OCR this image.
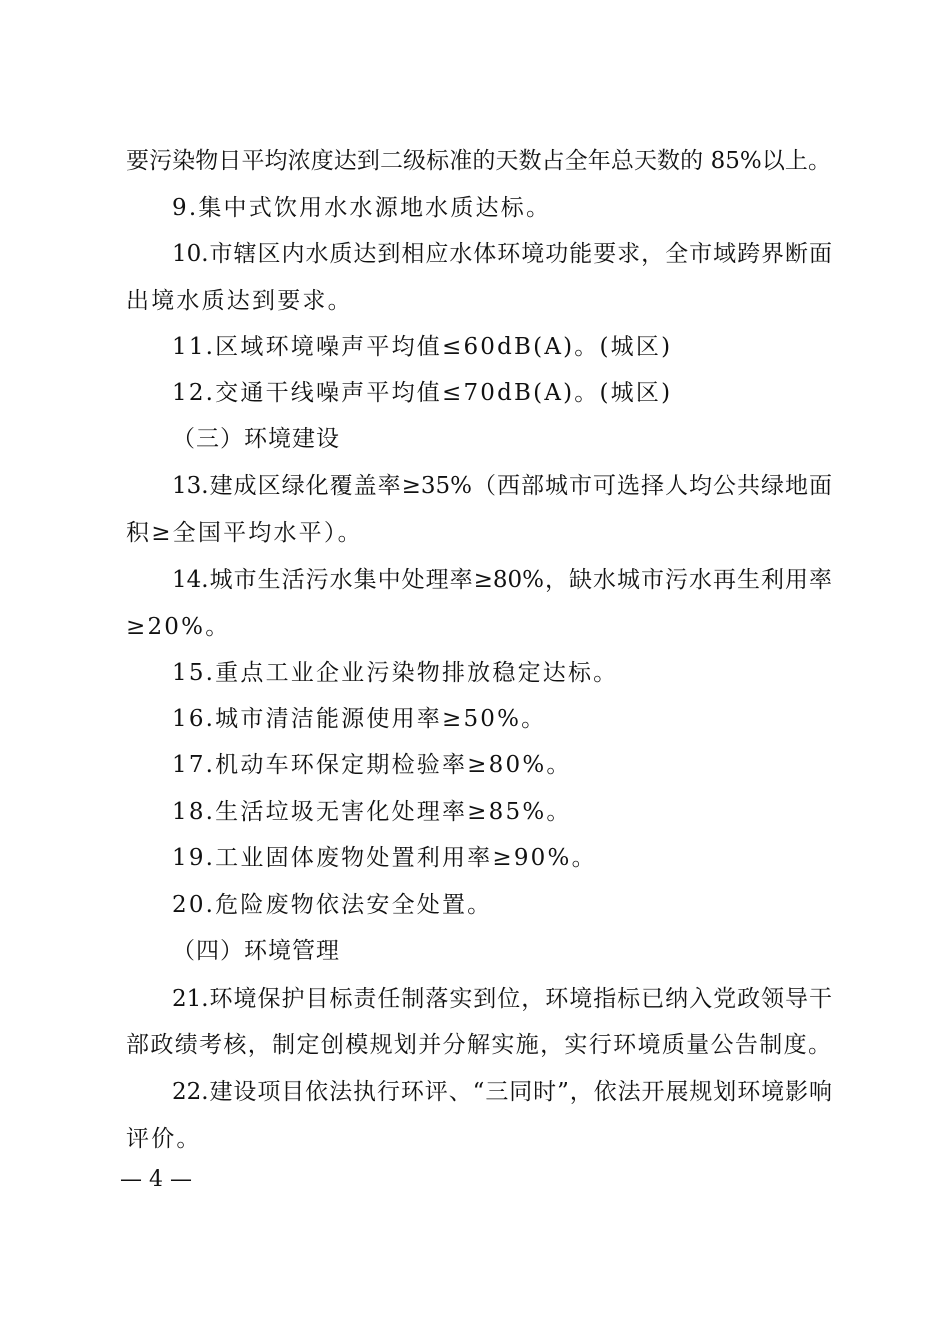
要污染物日平均浓度达到二级标准的天数占全年总天数的 85%以上。
9.集中式饮用水水源地水质达标。
10.市辖区内水质达到相应水体环境功能要求，全市域跨界断面
出境水质达到要求。
11.区域环境噪声平均值≤60dB(A)。(城区)
12.交通干线噪声平均值≤70dB(A)。(城区)
（三）环境建设
13.建成区绿化覆盖率≥35%（西部城市可选择人均公共绿地面
积≥全国平均水平）。
14.城市生活污水集中处理率≥80%，缺水城市污水再生利用率
≥20%。
15.重点工业企业污染物排放稳定达标。
16.城市清洁能源使用率≥50%。
17.机动车环保定期检验率≥80%。
18.生活垃圾无害化处理率≥85%。
19.工业固体废物处置利用率≥90%。
20.危险废物依法安全处置。
（四）环境管理
21.环境保护目标责任制落实到位，环境指标已纳入党政领导干
部政绩考核，制定创模规划并分解实施，实行环境质量公告制度。
22.建设项目依法执行环评、“三同时”，依法开展规划环境影响
评价。
— 4 —
